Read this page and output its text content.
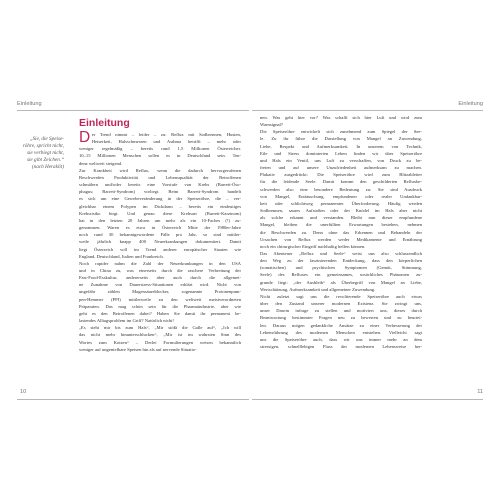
Einleitung	Einleitung
„Sie, die Speise-
röhre, spricht nicht,
sie verbiegt nicht,
sie gibt Zeichen.“
(nach Heraklit)
Einleitung
D er Trend nimmt – leider – zu: Reflux mit Sodbrennen, Husten,
Heiserkeit, Halsschmerzen und Asthma betrifft – mehr oder
weniger regelmäßig – bereits rund 1,5 Millionen Österreicher.
10–15 Millionen Menschen sollen es in Deutschland sein. Ten-
denz weltweit steigend.
Zur Krankheit wird Reflux, wenn die dadurch hervorgerufenen
Beschwerden Produktivität und Lebensqualität der Betroffenen
schmälern und/oder bereits eine Vorstufe von Krebs (Barrett-Öso-
phagus; Barrett-Syndrom) vorliegt. Beim Barrett-Syndrom handelt
es sich um eine Gewebeveränderung in der Speiseröhre, die – ver-
gleichbar einem Polypen im Dickdarm – bereits ein eindeutiges
Krebsrisiko birgt. Und genau diese Krebsart (Barrett-Karzinom)
hat in den letzten 20 Jahren um mehr als ein 10-Faches (!) zu-
genommen. Waren es etwa in Österreich Mitte der 1980er-Jahre
noch rund 30 bekanntgewordene Fälle pro Jahr, so sind mittler-
weile jährlich knapp 400 Neuerkrankungen dokumentiert. Damit
liegt Österreich voll im Trend anderer europäischer Staaten wie
England, Deutschland, Italien und Frankreich.
Noch rapider nahm die Zahl der Neuerkrankungen in den USA
und in China zu, was einerseits durch die raschere Verbreitung der
Fast-Food-Esskultur, andererseits aber auch durch die allgemei-
ne Zunahme von Dauerstress-Situationen erklärt wird. Nicht von
ungefähr zählen Magensäureblocker, sogenannte Protonenpum-
pen-Hemmer (PPI) mittlerweile zu den weltweit meistverordneten
Präparaten. Das mag schön sein für die Pharmaindustrie, aber wie
geht es den Betroffenen dabei? Haben Sie damit ihr permanent be-
lastendes Alltagsproblem im Griff? Natürlich nicht!
„Es steht mir bis zum Hals“, „Mir stößt die Galle auf“, „Ich will
das nicht mehr hinunterschlucken“, „Mir ist im wahrsten Sinn des
Wortes zum Kotzen“ – Derlei Formulierungen weisen bekanntlich
weniger auf ungeniefbare Speisen hin als auf nervende Situatio-
nen. Was geht hier vor? Was schafft sich hier Luft und wird zum
Warnsignal?
Die Speiseröhre entwickelt sich zunehmend zum Spiegel der See-
le. Zu ihr führe die Darstellung von Mangel an Zuwendung,
Liebe, Respekt und Aufmerksamkeit. In unserem von Technik,
Eile und Stress dominierten Leben finden wir über Speiseröhre
und Hals ein Ventil, uns Luft zu verschaffen, von Druck zu be-
freien und auf unsere Unzufriedenheit aufmerksam zu machen.
Plakativ ausgedrückt: Die Speiseröhre wird zum Blitzableiter
für die leidende Seele. Damit kommt den geschilderten Refluxbe-
schwerden also eine besondere Bedeutung zu: Sie sind Ausdruck
von Mangel, Enttäuschung, empfundener oder realer Undankbar-
keit oder schlichtweg permanenter Überforderung. Häufig werden
Sodbrennen, saures Aufstoßen oder der Knödel im Hals aber nicht
als solche erkannt und verstanden. Bleibt nun dieser empfundene
Mangel, bleiben die unerfüllten Erwartungen bestehen, nehmen
die Beschwerden zu. Denn ohne das Erkennen und Behandeln der
Ursachen von Reflux werden weder Medikamente und Ernährung
noch ein chirurgischer Eingriff nachhaltig helfen können.
Das Abenteuer „Reflux und Seele“ weist uns also schlussendlich
den Weg zu der faszinierenden Entdeckung, dass den körperlichen
(somatischen) und psychischen Symptomen (Gemüt, Stimmung,
Seele) des Refluxes ein gemeinsames, ursächliches Phänomen zu-
grunde liegt: „der Ausbleib“ als Überbegriff von Mangel an Liebe,
Wertschätzung, Aufmerksamkeit und allgemeiner Zuwendung.
Nicht zuletzt sagt uns die revoltierende Speiseröhre auch etwas
über den Zustand unserer modernen Existenz. Sie zwingt uns,
unser Dasein infrage zu stellen und motiviert uns, dieses durch
Beantwortung bestimmter Fragen neu zu bewerten und zu beurtei-
len. Daraus mögen gedankliche Ansätze zu einer Verbesserung der
Lebensführung des modernen Menschen entstehen. Vielleicht sagt
uns die Speiseröhre auch, dass wir uns immer mehr an dem
stressigen, schnelllebigen Fluss der modernen Lebensweise her-
10	11
